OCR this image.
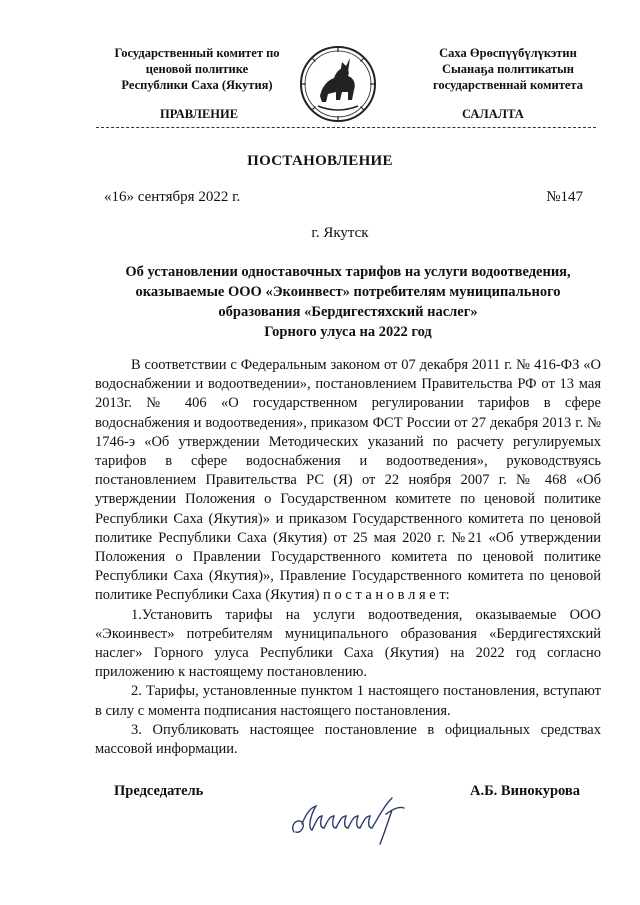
Государственный комитет по
ценовой политике
Республики Саха (Якутия)
Саха Өрөспүүбүлүкэтин
Сыанаҕа политикатын
государственнай комитета
ПРАВЛЕНИЕ	САЛАЛТА
ПОСТАНОВЛЕНИЕ
«16» сентября 2022 г.	№147
г. Якутск
Об установлении одноставочных тарифов на услуги водоотведения,
оказываемые ООО «Экоинвест» потребителям муниципального
образования «Бердигестяхский наслег»
Горного улуса на 2022 год

В соответствии с Федеральным законом от 07 декабря 2011 г. № 416-ФЗ «О водоснабжении и водоотведении», постановлением Правительства РФ от 13 мая 2013г. № 406 «О государственном регулировании тарифов в сфере водоснабжения и водоотведения», приказом ФСТ России от 27 декабря 2013 г. № 1746-э «Об утверждении Методических указаний по расчету регулируемых тарифов в сфере водоснабжения и водоотведения», руководствуясь постановлением Правительства РС (Я) от 22 ноября 2007 г. № 468 «Об утверждении Положения о Государственном комитете по ценовой политике Республики Саха (Якутия)» и приказом Государственного комитета по ценовой политике Республики Саха (Якутия) от 25 мая 2020 г. №21 «Об утверждении Положения о Правлении Государственного комитета по ценовой политике Республики Саха (Якутия)», Правление Государственного комитета по ценовой политике Республики Саха (Якутия) п о с т а н о в л я е т:

1.Установить тарифы на услуги водоотведения, оказываемые ООО «Экоинвест» потребителям муниципального образования «Бердигестяхский наслег» Горного улуса Республики Саха (Якутия) на 2022 год согласно приложению к настоящему постановлению.

2. Тарифы, установленные пунктом 1 настоящего постановления, вступают в силу с момента подписания настоящего постановления.

3. Опубликовать настоящее постановление в официальных средствах массовой информации.

Председатель	А.Б. Винокурова
